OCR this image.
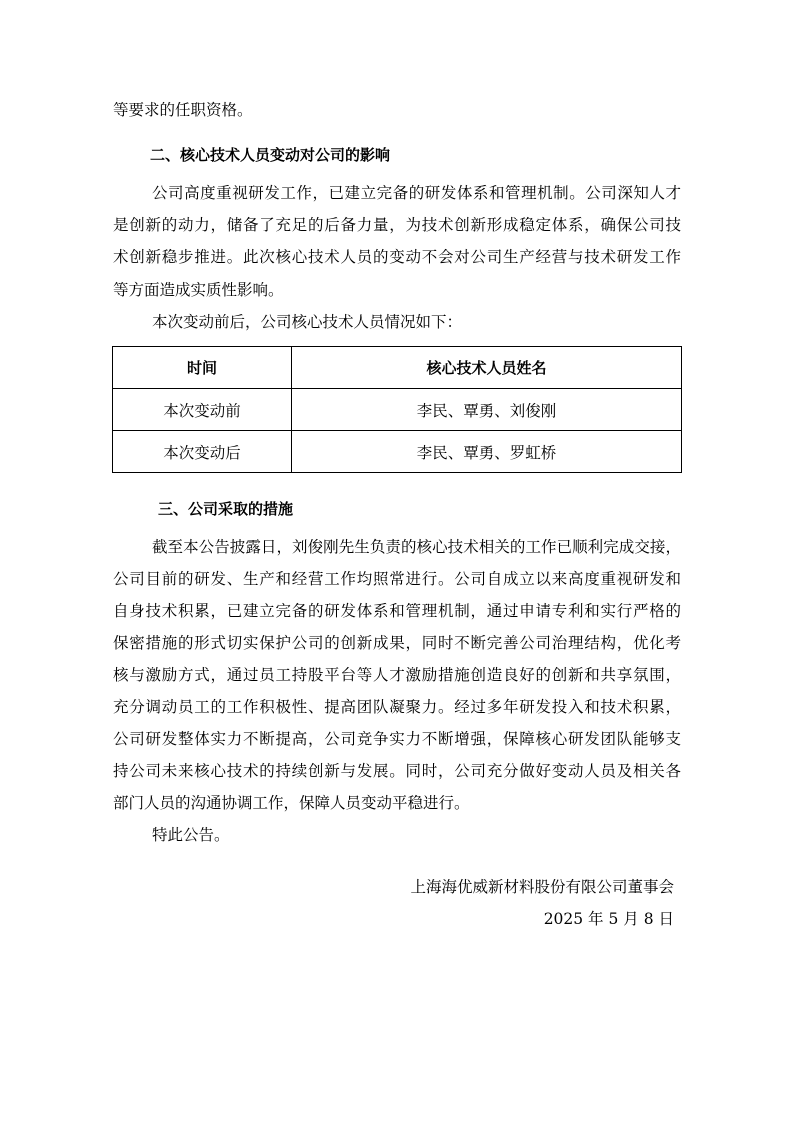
等要求的任职资格。
二、核心技术人员变动对公司的影响
公司高度重视研发工作，已建立完备的研发体系和管理机制。公司深知人才
是创新的动力，储备了充足的后备力量，为技术创新形成稳定体系，确保公司技
术创新稳步推进。此次核心技术人员的变动不会对公司生产经营与技术研发工作
等方面造成实质性影响。
本次变动前后，公司核心技术人员情况如下：
时间	核心技术人员姓名
本次变动前	李民、覃勇、刘俊刚
本次变动后	李民、覃勇、罗虹桥
三、公司采取的措施
截至本公告披露日，刘俊刚先生负责的核心技术相关的工作已顺利完成交接，
公司目前的研发、生产和经营工作均照常进行。公司自成立以来高度重视研发和
自身技术积累，已建立完备的研发体系和管理机制，通过申请专利和实行严格的
保密措施的形式切实保护公司的创新成果，同时不断完善公司治理结构，优化考
核与激励方式，通过员工持股平台等人才激励措施创造良好的创新和共享氛围，
充分调动员工的工作积极性、提高团队凝聚力。经过多年研发投入和技术积累，
公司研发整体实力不断提高，公司竞争实力不断增强，保障核心研发团队能够支
持公司未来核心技术的持续创新与发展。同时，公司充分做好变动人员及相关各
部门人员的沟通协调工作，保障人员变动平稳进行。
特此公告。
上海海优威新材料股份有限公司董事会
2025 年 5 月 8 日
